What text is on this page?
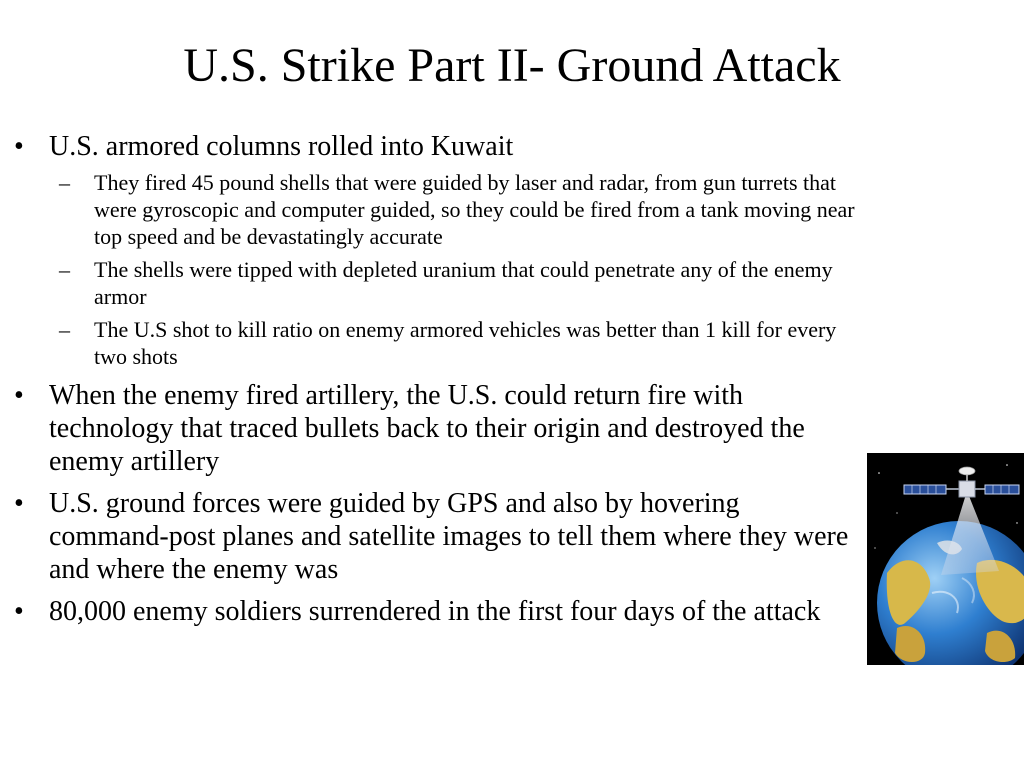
U.S. Strike Part II- Ground Attack
• U.S. armored columns rolled into Kuwait
– They fired 45 pound shells that were guided by laser and radar, from gun turrets that were gyroscopic and computer guided, so they could be fired from a tank moving near top speed and be devastatingly accurate
– The shells were tipped with depleted uranium that could penetrate any of the enemy armor
– The U.S shot to kill ratio on enemy armored vehicles was better than 1 kill for every two shots
• When the enemy fired artillery, the U.S. could return fire with technology that traced bullets back to their origin and destroyed the enemy artillery
• U.S. ground forces were guided by GPS and also by hovering command-post planes and satellite images to tell them where they were and where the enemy was
• 80,000 enemy soldiers surrendered in the first four days of the attack
